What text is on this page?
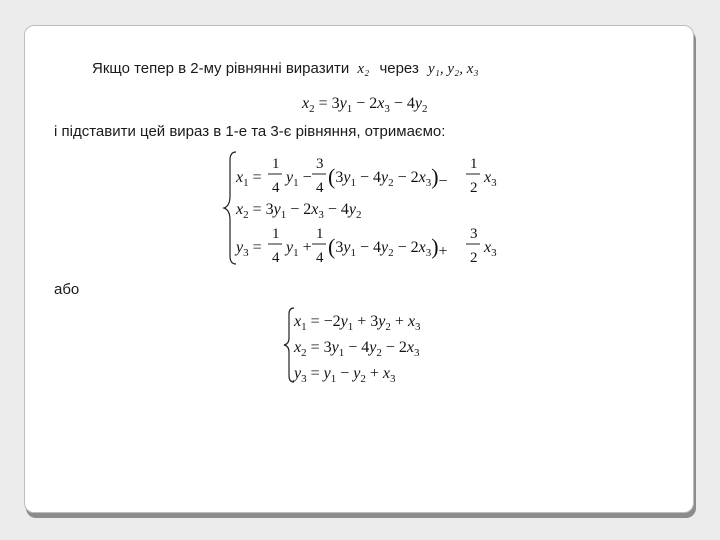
Якщо тепер в 2-му рівнянні виразити x₂ через y₁, y₂, x₃
$x_2 = 3y_1 - 2x_3 - 4y_2$
і підставити цей вираз в 1-е та 3-є рівняння, отримаємо:
$x_1$ =
1
4
$y_1$ −
3
4 $(3y_1 - 4y_2 - 2x_3)-$
1
2
$x_3$
$x_2 = 3y_1 - 2x_3 - 4y_2$
$y_3$ =
1
4
$y_1$ +
1
4 $(3y_1 - 4y_2 - 2x_3)+$
3
2
$x_3$
або
$x_1 = -2y_1 + 3y_2 + x_3$
$x_2 = 3y_1 - 4y_2 - 2x_3$
$y_3 = y_1 - y_2 + x_3$
